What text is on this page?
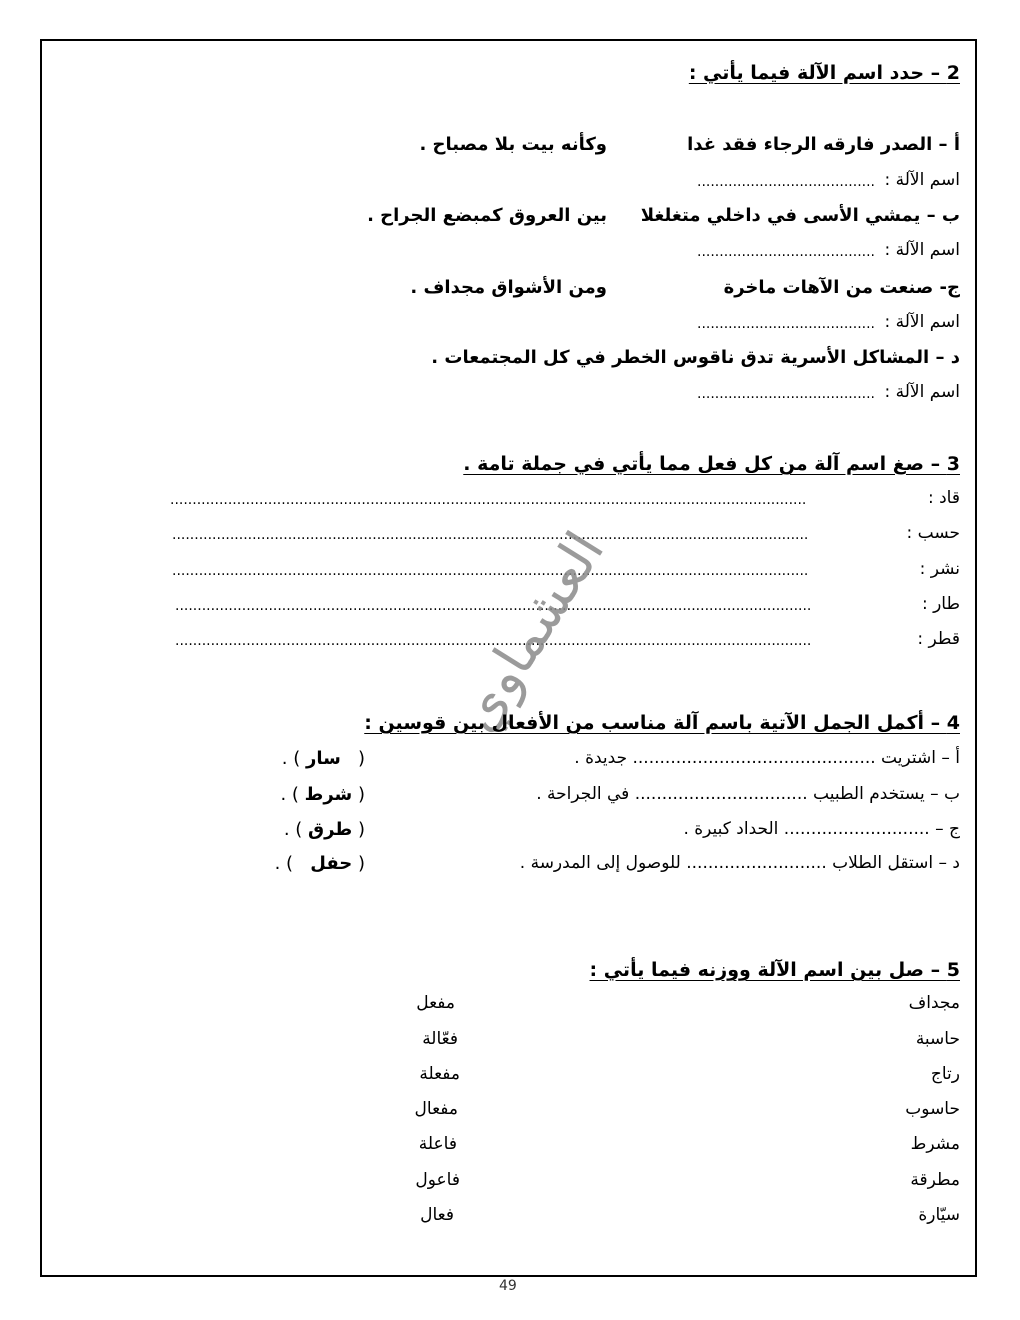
2 – حدد اسم الآلة فيما يأتي :
أ – الصدر فارقه الرجاء فقد غدا
وكأنه بيت بلا مصباح .
اسم الآلة :
........................................
ب – يمشي الأسى في داخلي متغلغلا
بين العروق كمبضع الجراح .
اسم الآلة :
........................................
ج- صنعت من الآهات ماخرة
ومن الأشواق مجداف .
اسم الآلة :
........................................
د – المشاكل الأسرية تدق ناقوس الخطر في كل المجتمعات .
اسم الآلة :
........................................
3 – صغ اسم آلة من كل فعل مما يأتي في جملة تامة .
قاد :
...............................................................................................................................................
حسب :
...............................................................................................................................................
نشر :
...............................................................................................................................................
طار :
...............................................................................................................................................
قطر :
...............................................................................................................................................
العشماوي
4 – أكمل الجمل الآتية باسم آلة مناسب من الأفعال بين قوسين :
أ – اشتريت ............................................. جديدة .
(   سار ) .
ب – يستخدم الطبيب ................................ في الجراحة .
( شرط ) .
ج – ........................... الحداد كبيرة .
( طرق ) .
د – استقل الطلاب .......................... للوصول إلى المدرسة .
( حفل   ) .
5 – صل بين اسم الآلة ووزنه فيما يأتي :
مجداف
مفعل
حاسبة
فعّالة
رتاج
مفعلة
حاسوب
مفعال
مشرط
فاعلة
مطرقة
فاعول
سيّارة
فعال
49
